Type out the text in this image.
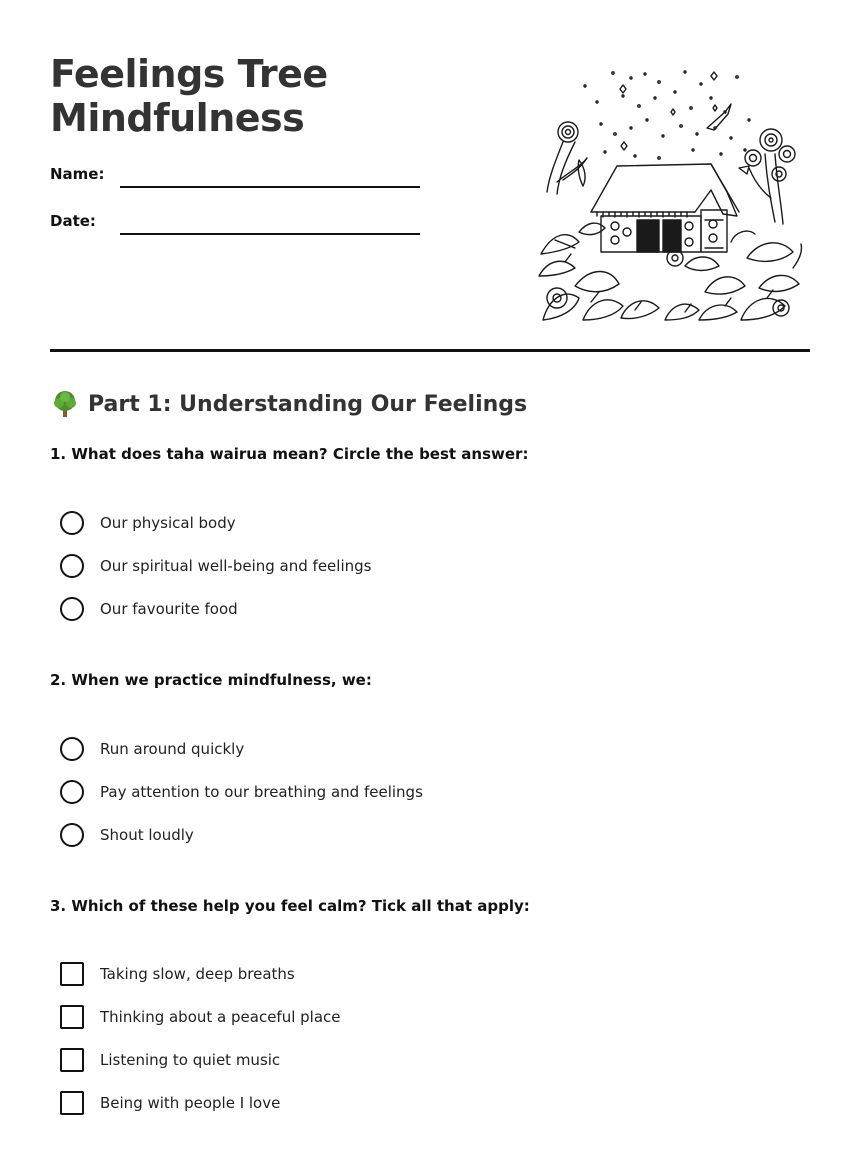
Feelings Tree
Mindfulness
Name:
Date:
Part 1: Understanding Our Feelings
1. What does taha wairua mean? Circle the best answer:
Our physical body
Our spiritual well-being and feelings
Our favourite food
2. When we practice mindfulness, we:
Run around quickly
Pay attention to our breathing and feelings
Shout loudly
3. Which of these help you feel calm? Tick all that apply:
Taking slow, deep breaths
Thinking about a peaceful place
Listening to quiet music
Being with people I love
